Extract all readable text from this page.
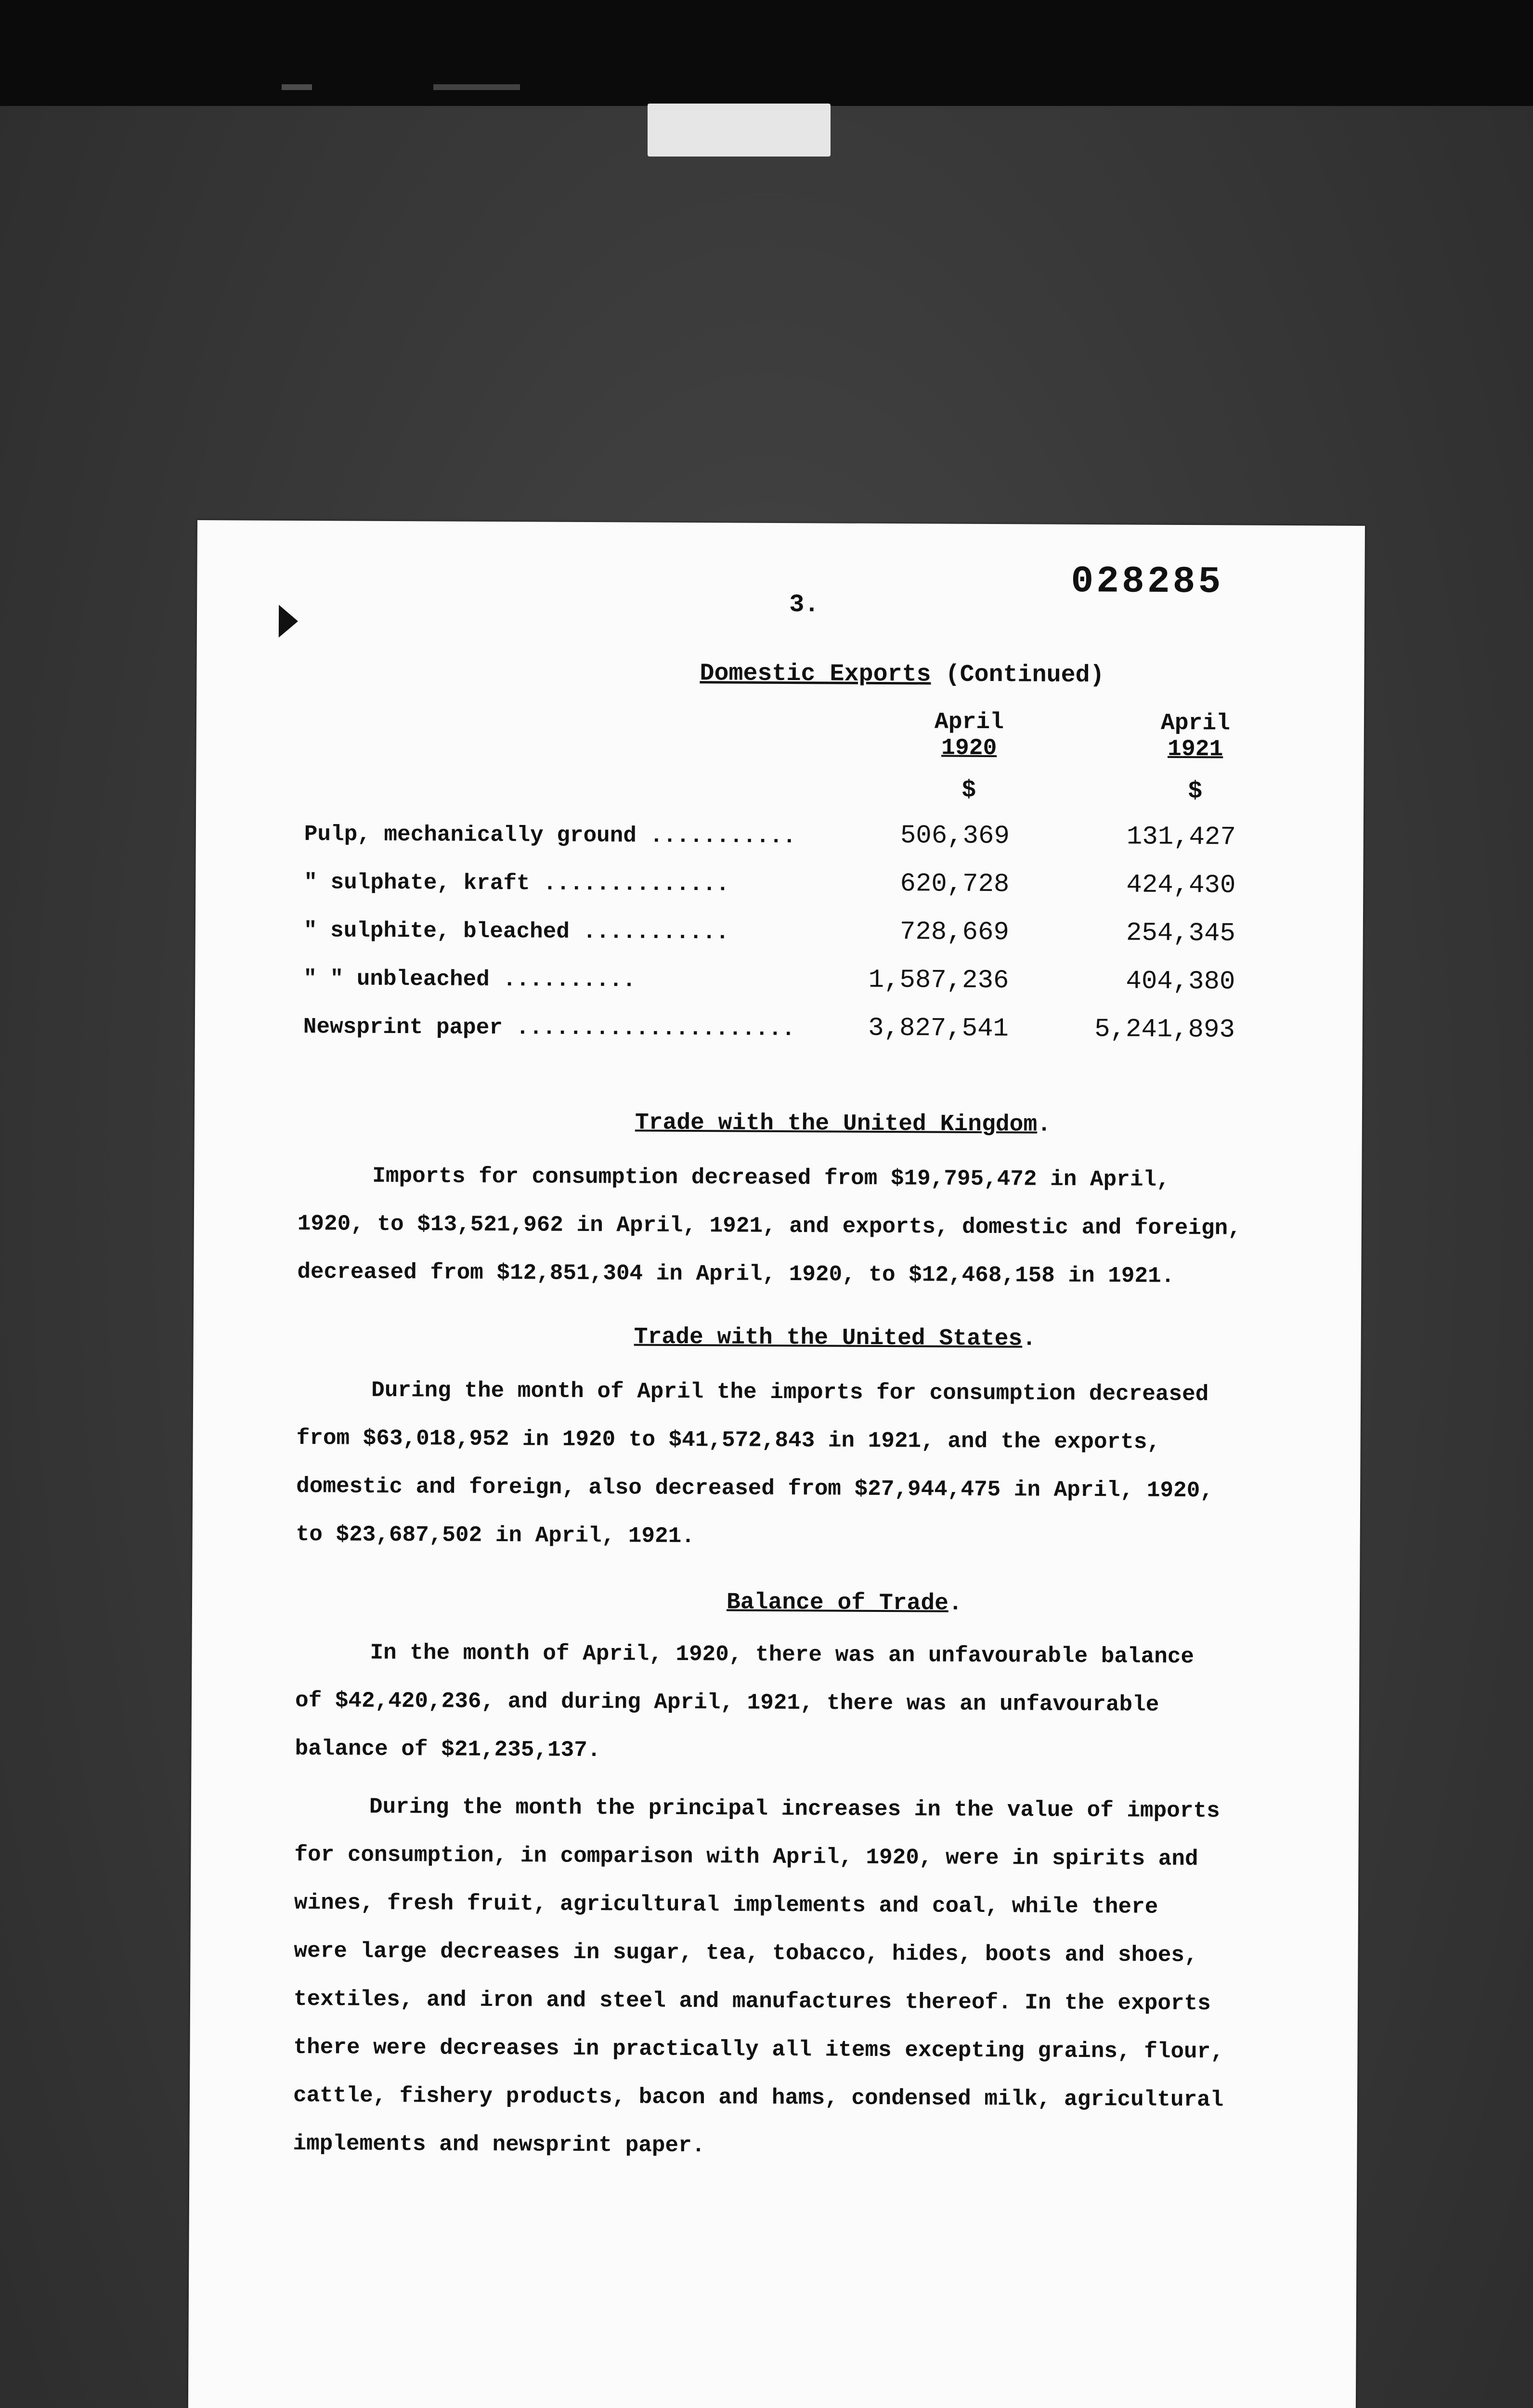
028285
3.
Domestic Exports (Continued)
April
1920
April
1921
$	$
Pulp, mechanically ground ...........	506,369	131,427
" sulphate, kraft ..............	620,728	424,430
" sulphite, bleached ...........	728,669	254,345
" " unbleached ..........	1,587,236	404,380
Newsprint paper .....................	3,827,541	5,241,893
Trade with the United Kingdom.
Imports for consumption decreased from $19,795,472 in April,
1920, to $13,521,962 in April, 1921, and exports, domestic and foreign,
decreased from $12,851,304 in April, 1920, to $12,468,158 in 1921.
Trade with the United States.
During the month of April the imports for consumption decreased
from $63,018,952 in 1920 to $41,572,843 in 1921, and the exports,
domestic and foreign, also decreased from $27,944,475 in April, 1920,
to $23,687,502 in April, 1921.
Balance of Trade.
In the month of April, 1920, there was an unfavourable balance
of $42,420,236, and during April, 1921, there was an unfavourable
balance of $21,235,137.
During the month the principal increases in the value of imports
for consumption, in comparison with April, 1920, were in spirits and
wines, fresh fruit, agricultural implements and coal, while there
were large decreases in sugar, tea, tobacco, hides, boots and shoes,
textiles, and iron and steel and manufactures thereof. In the exports
there were decreases in practically all items excepting grains, flour,
cattle, fishery products, bacon and hams, condensed milk, agricultural
implements and newsprint paper.
